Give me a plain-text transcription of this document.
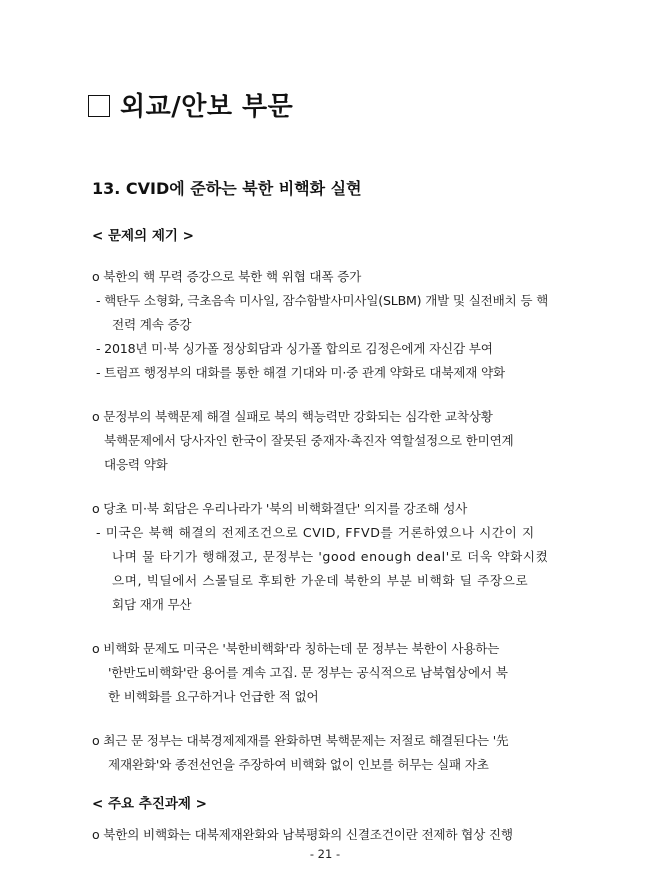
외교/안보 부문
13. CVID에 준하는 북한 비핵화 실현
< 문제의 제기 >
o 북한의 핵 무력 증강으로 북한 핵 위협 대폭 증가
- 핵탄두 소형화, 극초음속 미사일, 잠수함발사미사일(SLBM) 개발 및 실전배치 등 핵
전력 계속 증강
- 2018년 미·북 싱가폴 정상회담과 싱가폴 합의로 김정은에게 자신감 부여
- 트럼프 행정부의 대화를 통한 해결 기대와 미·중 관계 약화로 대북제재 약화
o 문정부의 북핵문제 해결 실패로 북의 핵능력만 강화되는 심각한 교착상황
북핵문제에서 당사자인 한국이 잘못된 중재자·촉진자 역할설정으로 한미연계
대응력 약화
o 당초 미·북 회담은 우리나라가 '북의 비핵화결단' 의지를 강조해 성사
- 미국은 북핵 해결의 전제조건으로 CVID, FFVD를 거론하였으나 시간이 지
나며 물 타기가 행해졌고, 문정부는 'good enough deal'로 더욱 약화시켰
으며, 빅딜에서 스몰딜로 후퇴한 가운데 북한의 부분 비핵화 딜 주장으로
회담 재개 무산
o 비핵화 문제도 미국은 '북한비핵화'라 칭하는데 문 정부는 북한이 사용하는
'한반도비핵화'란 용어를 계속 고집. 문 정부는 공식적으로 남북협상에서 북
한 비핵화를 요구하거나 언급한 적 없어
o 최근 문 정부는 대북경제제재를 완화하면 북핵문제는 저절로 해결된다는 '先
제재완화'와 종전선언을 주장하여 비핵화 없이 인보를 허무는 실패 자초
< 주요 추진과제 >
o 북한의 비핵화는 대북제재완화와 남북평화의 신결조건이란 전제하 협상 진행
- 21 -
